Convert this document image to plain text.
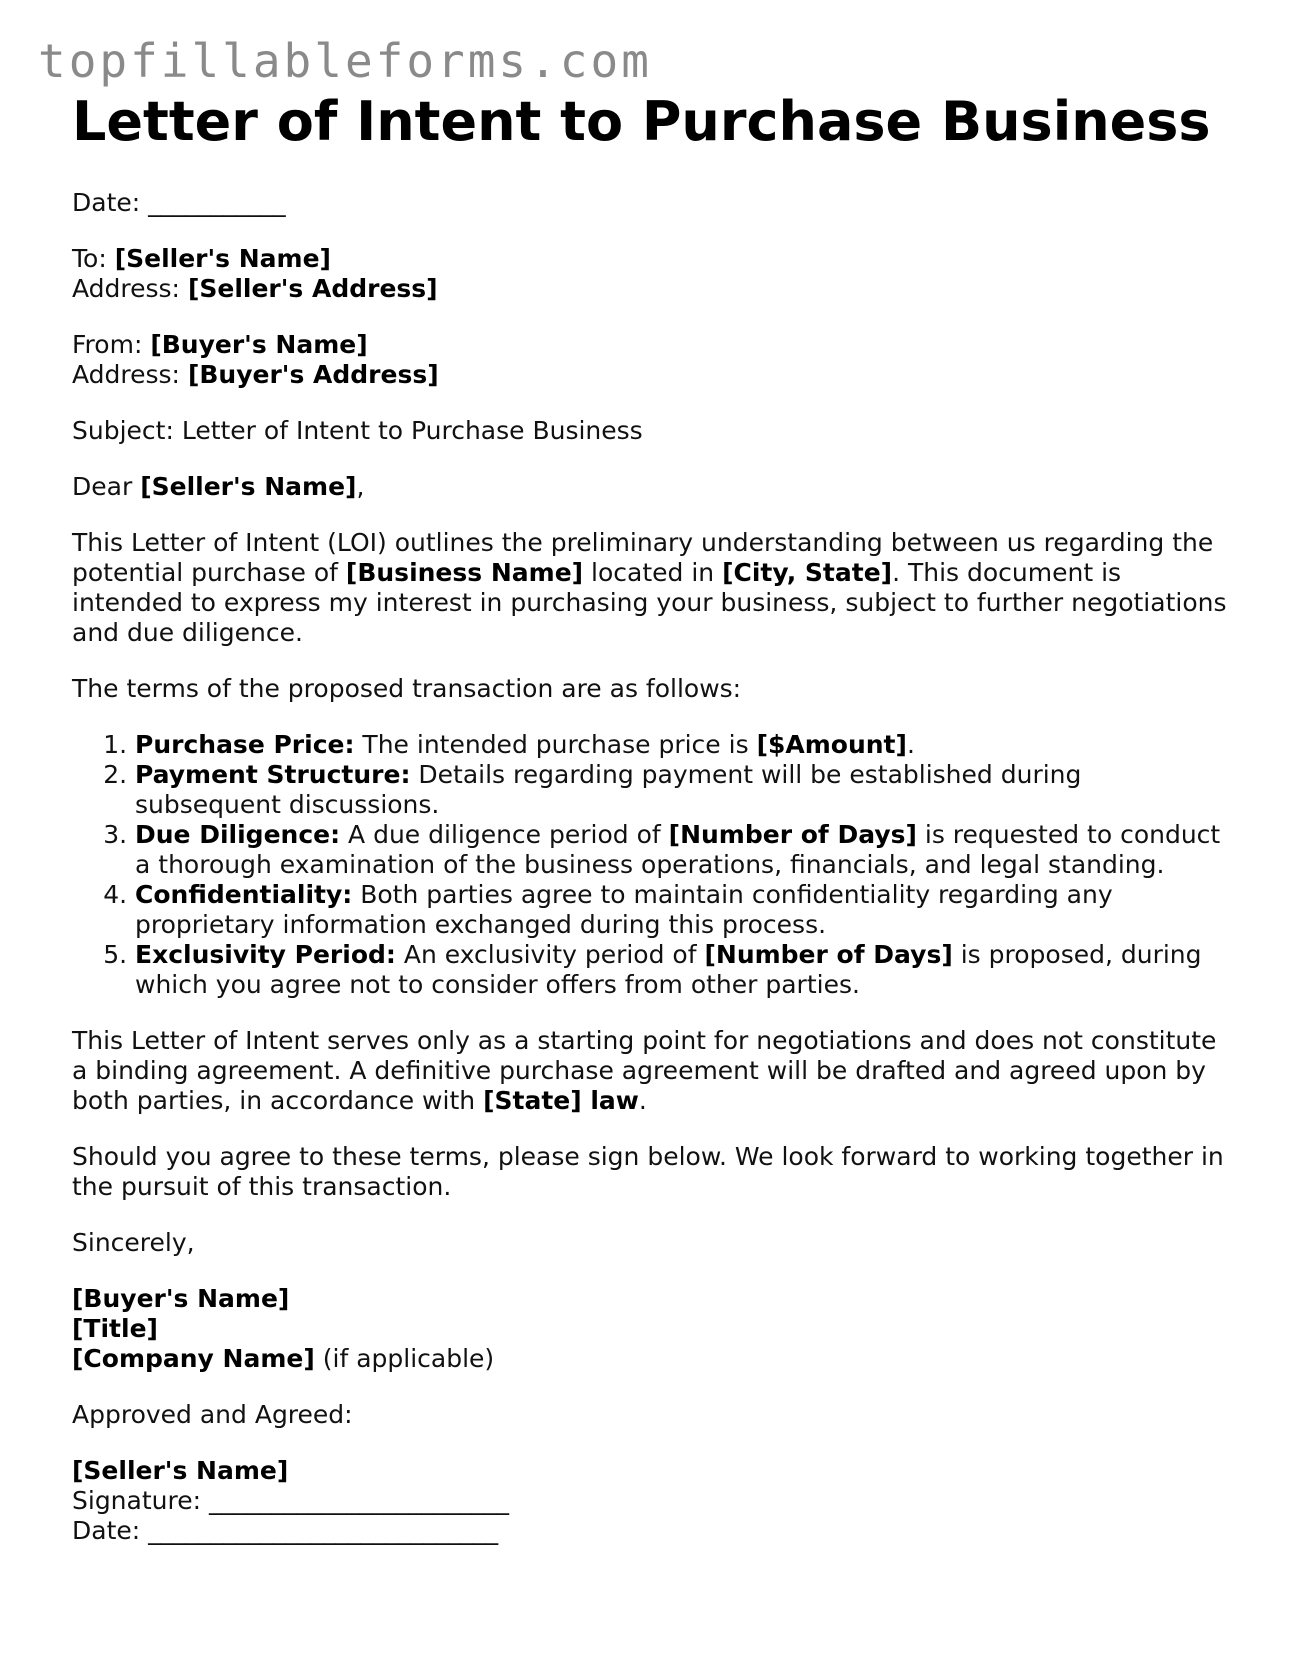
topfillableforms.com
Letter of Intent to Purchase Business

Date: ___________

To: [Seller's Name]
Address: [Seller's Address]

From: [Buyer's Name]
Address: [Buyer's Address]

Subject: Letter of Intent to Purchase Business

Dear [Seller's Name],

This Letter of Intent (LOI) outlines the preliminary understanding between us regarding the potential purchase of [Business Name] located in [City, State]. This document is intended to express my interest in purchasing your business, subject to further negotiations and due diligence.

The terms of the proposed transaction are as follows:

1. Purchase Price: The intended purchase price is [$Amount].
2. Payment Structure: Details regarding payment will be established during subsequent discussions.
3. Due Diligence: A due diligence period of [Number of Days] is requested to conduct a thorough examination of the business operations, financials, and legal standing.
4. Confidentiality: Both parties agree to maintain confidentiality regarding any proprietary information exchanged during this process.
5. Exclusivity Period: An exclusivity period of [Number of Days] is proposed, during which you agree not to consider offers from other parties.

This Letter of Intent serves only as a starting point for negotiations and does not constitute a binding agreement. A definitive purchase agreement will be drafted and agreed upon by both parties, in accordance with [State] law.

Should you agree to these terms, please sign below. We look forward to working together in the pursuit of this transaction.

Sincerely,

[Buyer's Name]
[Title]
[Company Name] (if applicable)

Approved and Agreed:

[Seller's Name]
Signature: ________________________
Date: ____________________________
